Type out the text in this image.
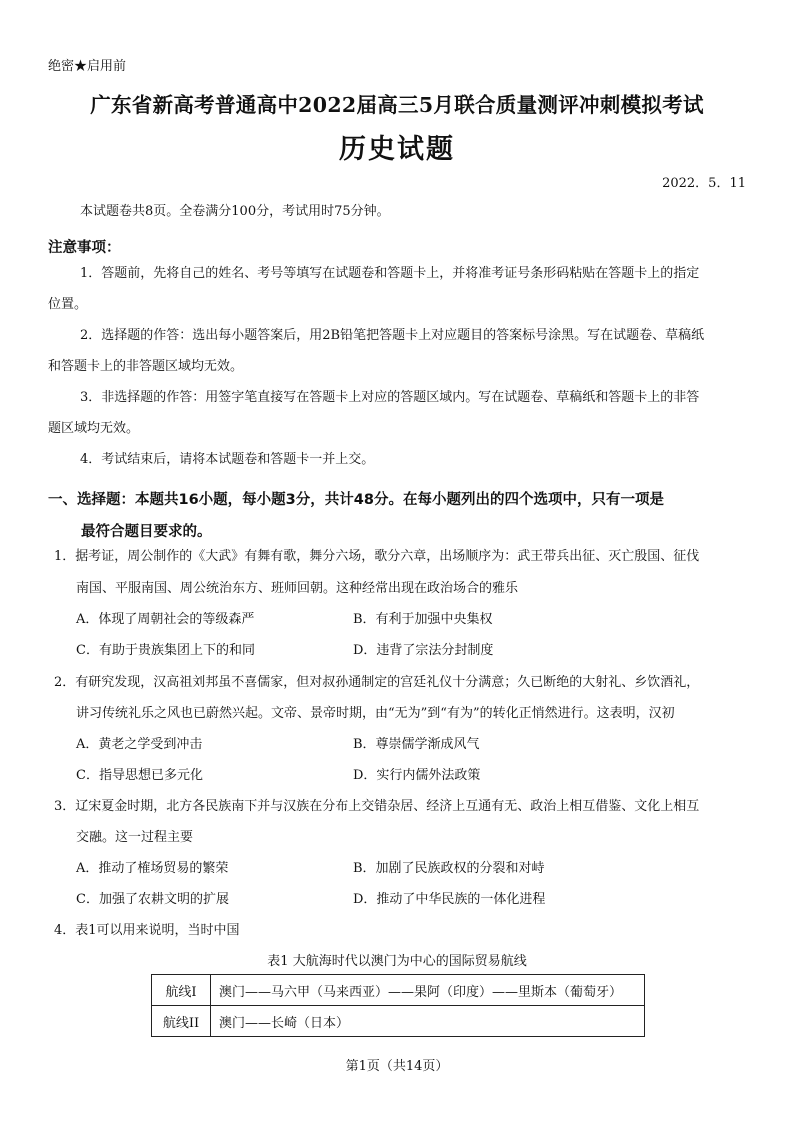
绝密★启用前
广东省新高考普通高中2022届高三5月联合质量测评冲刺模拟考试
历史试题
2022．5．11
本试题卷共8页。全卷满分100分，考试用时75分钟。
注意事项：
1．答题前，先将自己的姓名、考号等填写在试题卷和答题卡上，并将准考证号条形码粘贴在答题卡上的指定
位置。
2．选择题的作答：选出每小题答案后，用2B铅笔把答题卡上对应题目的答案标号涂黑。写在试题卷、草稿纸
和答题卡上的非答题区域均无效。
3．非选择题的作答：用签字笔直接写在答题卡上对应的答题区域内。写在试题卷、草稿纸和答题卡上的非答
题区域均无效。
4．考试结束后，请将本试题卷和答题卡一并上交。
一、选择题：本题共16小题，每小题3分，共计48分。在每小题列出的四个选项中，只有一项是
最符合题目要求的。
1．据考证，周公制作的《大武》有舞有歌，舞分六场，歌分六章，出场顺序为：武王带兵出征、灭亡殷国、征伐
南国、平服南国、周公统治东方、班师回朝。这种经常出现在政治场合的雅乐
A．体现了周朝社会的等级森严	B．有利于加强中央集权
C．有助于贵族集团上下的和同	D．违背了宗法分封制度
2．有研究发现，汉高祖刘邦虽不喜儒家，但对叔孙通制定的宫廷礼仪十分满意；久已断绝的大射礼、乡饮酒礼，
讲习传统礼乐之风也已蔚然兴起。文帝、景帝时期，由“无为”到“有为”的转化正悄然进行。这表明，汉初
A．黄老之学受到冲击	B．尊崇儒学渐成风气
C．指导思想已多元化	D．实行内儒外法政策
3．辽宋夏金时期，北方各民族南下并与汉族在分布上交错杂居、经济上互通有无、政治上相互借鉴、文化上相互
交融。这一过程主要
A．推动了榷场贸易的繁荣	B．加剧了民族政权的分裂和对峙
C．加强了农耕文明的扩展	D．推动了中华民族的一体化进程
4．表1可以用来说明，当时中国
表1 大航海时代以澳门为中心的国际贸易航线
航线I	澳门——马六甲（马来西亚）——果阿（印度）——里斯本（葡萄牙）
航线II	澳门——长崎（日本）
第1页（共14页）
